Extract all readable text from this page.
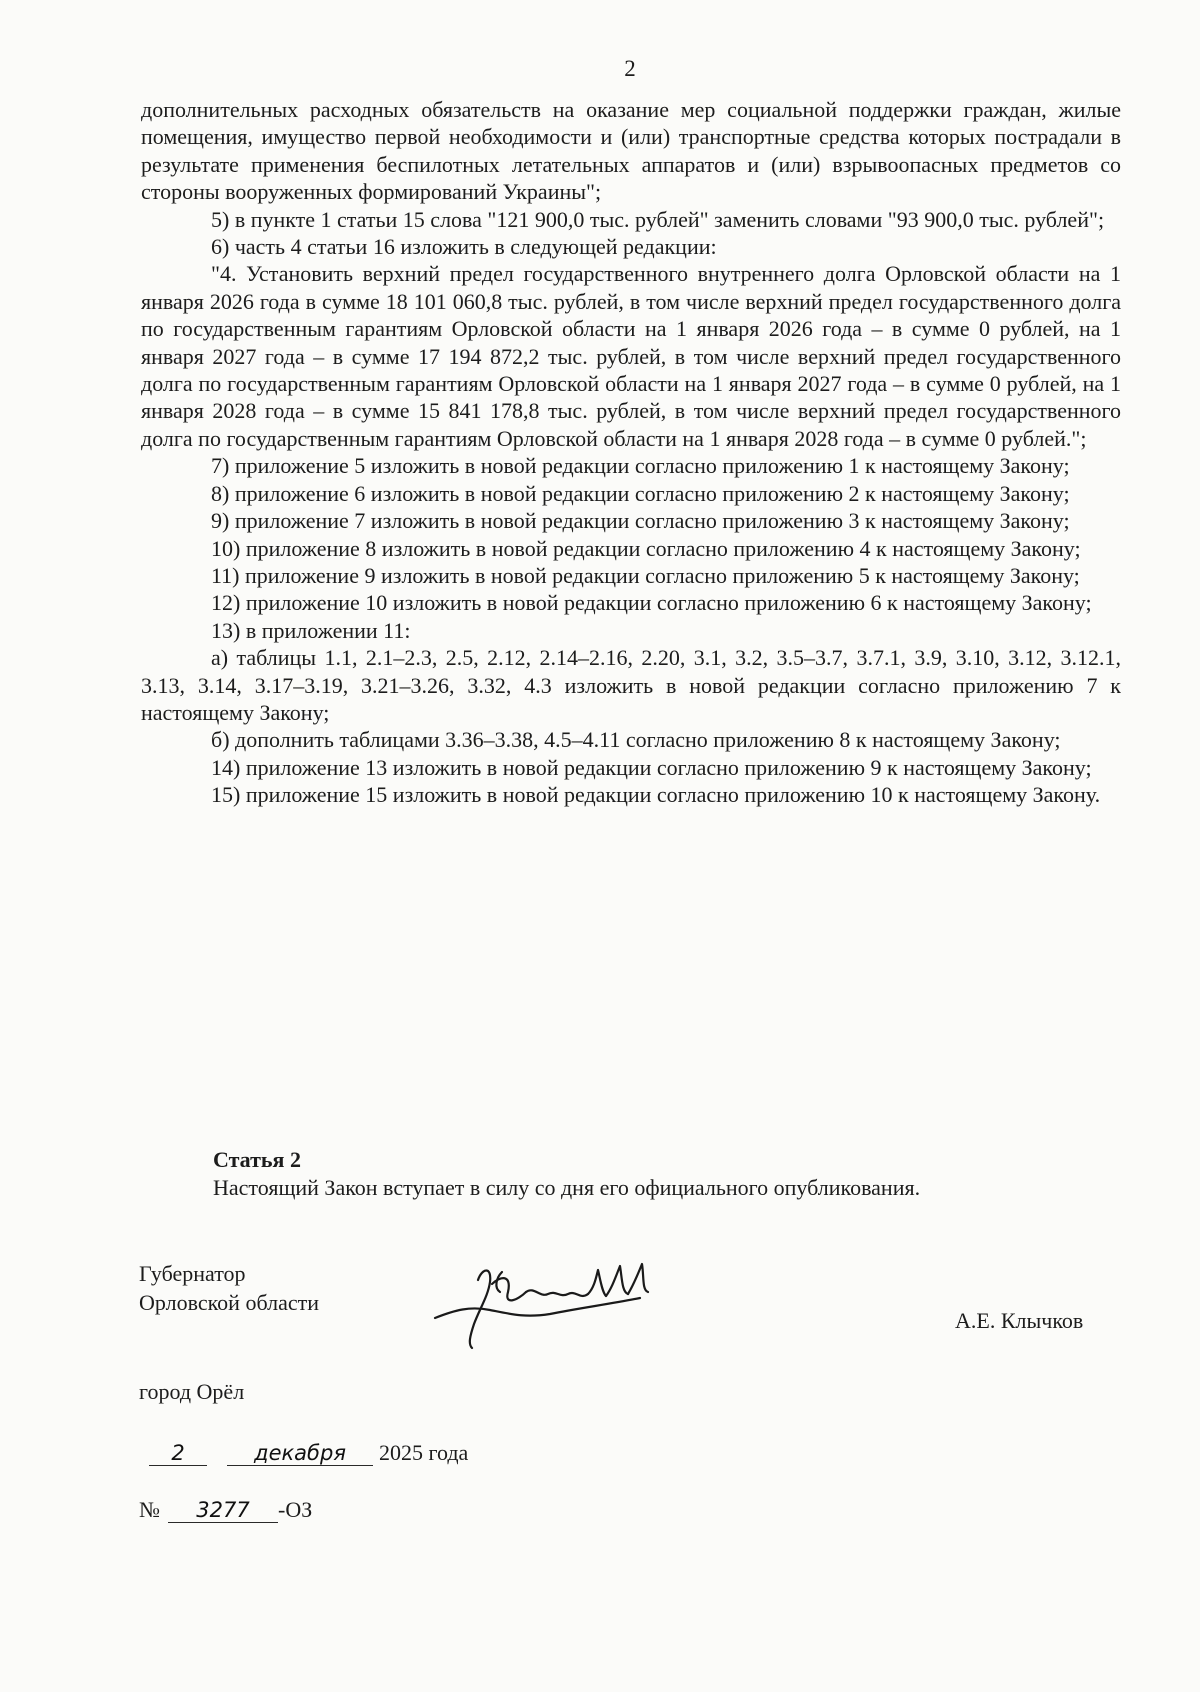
2

дополнительных расходных обязательств на оказание мер социальной поддержки граждан, жилые помещения, имущество первой необходимости и (или) транспортные средства которых пострадали в результате применения беспилотных летательных аппаратов и (или) взрывоопасных предметов со стороны вооруженных формирований Украины";

5) в пункте 1 статьи 15 слова "121 900,0 тыс. рублей" заменить словами "93 900,0 тыс. рублей";

6) часть 4 статьи 16 изложить в следующей редакции:

"4. Установить верхний предел государственного внутреннего долга Орловской области на 1 января 2026 года в сумме 18 101 060,8 тыс. рублей, в том числе верхний предел государственного долга по государственным гарантиям Орловской области на 1 января 2026 года – в сумме 0 рублей, на 1 января 2027 года – в сумме 17 194 872,2 тыс. рублей, в том числе верхний предел государственного долга по государственным гарантиям Орловской области на 1 января 2027 года – в сумме 0 рублей, на 1 января 2028 года – в сумме 15 841 178,8 тыс. рублей, в том числе верхний предел государственного долга по государственным гарантиям Орловской области на 1 января 2028 года – в сумме 0 рублей.";

7) приложение 5 изложить в новой редакции согласно приложению 1 к настоящему Закону;

8) приложение 6 изложить в новой редакции согласно приложению 2 к настоящему Закону;

9) приложение 7 изложить в новой редакции согласно приложению 3 к настоящему Закону;

10) приложение 8 изложить в новой редакции согласно приложению 4 к настоящему Закону;

11) приложение 9 изложить в новой редакции согласно приложению 5 к настоящему Закону;

12) приложение 10 изложить в новой редакции согласно приложению 6 к настоящему Закону;

13) в приложении 11:

а) таблицы 1.1, 2.1–2.3, 2.5, 2.12, 2.14–2.16, 2.20, 3.1, 3.2, 3.5–3.7, 3.7.1, 3.9, 3.10, 3.12, 3.12.1, 3.13, 3.14, 3.17–3.19, 3.21–3.26, 3.32, 4.3 изложить в новой редакции согласно приложению 7 к настоящему Закону;

б) дополнить таблицами 3.36–3.38, 4.5–4.11 согласно приложению 8 к настоящему Закону;

14) приложение 13 изложить в новой редакции согласно приложению 9 к настоящему Закону;

15) приложение 15 изложить в новой редакции согласно приложению 10 к настоящему Закону.

Статья 2
Настоящий Закон вступает в силу со дня его официального опубликования.
Губернатор
Орловской области
А.Е. Клычков
город Орёл
2	декабря 2025 года
№ 3277 -ОЗ
